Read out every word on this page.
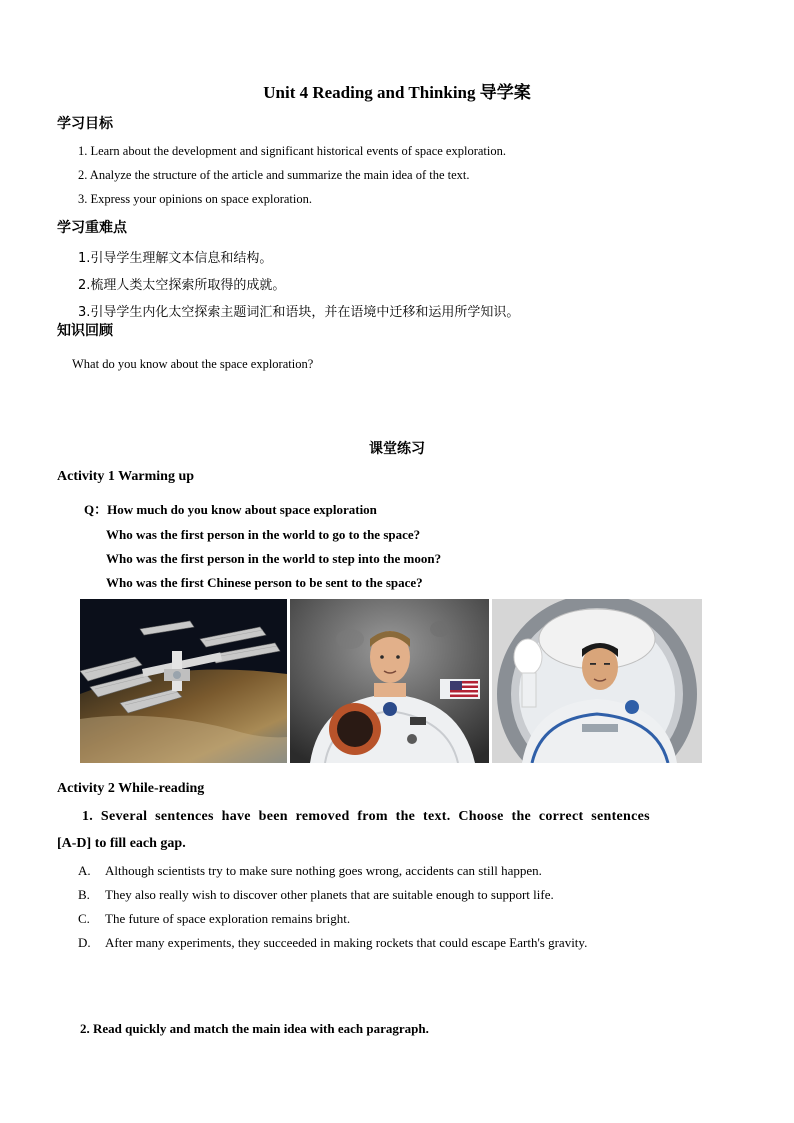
Unit 4 Reading and Thinking 导学案
学习目标
1. Learn about the development and significant historical events of space exploration.
2. Analyze the structure of the article and summarize the main idea of the text.
3. Express your opinions on space exploration.
学习重难点
1.引导学生理解文本信息和结构。
2.梳理人类太空探索所取得的成就。
3.引导学生内化太空探索主题词汇和语块，并在语境中迁移和运用所学知识。
知识回顾
What do you know about the space exploration?
课堂练习
Activity 1 Warming up
Q：How much do you know about space exploration
Who was the first person in the world to go to the space?
Who was the first person in the world to step into the moon?
Who was the first Chinese person to be sent to the space?
Activity 2 While-reading
1. Several sentences have been removed from the text. Choose the correct sentences
[A-D] to fill each gap.
A. Although scientists try to make sure nothing goes wrong, accidents can still happen.
B. They also really wish to discover other planets that are suitable enough to support life.
C. The future of space exploration remains bright.
D. After many experiments, they succeeded in making rockets that could escape Earth's gravity.
2. Read quickly and match the main idea with each paragraph.
